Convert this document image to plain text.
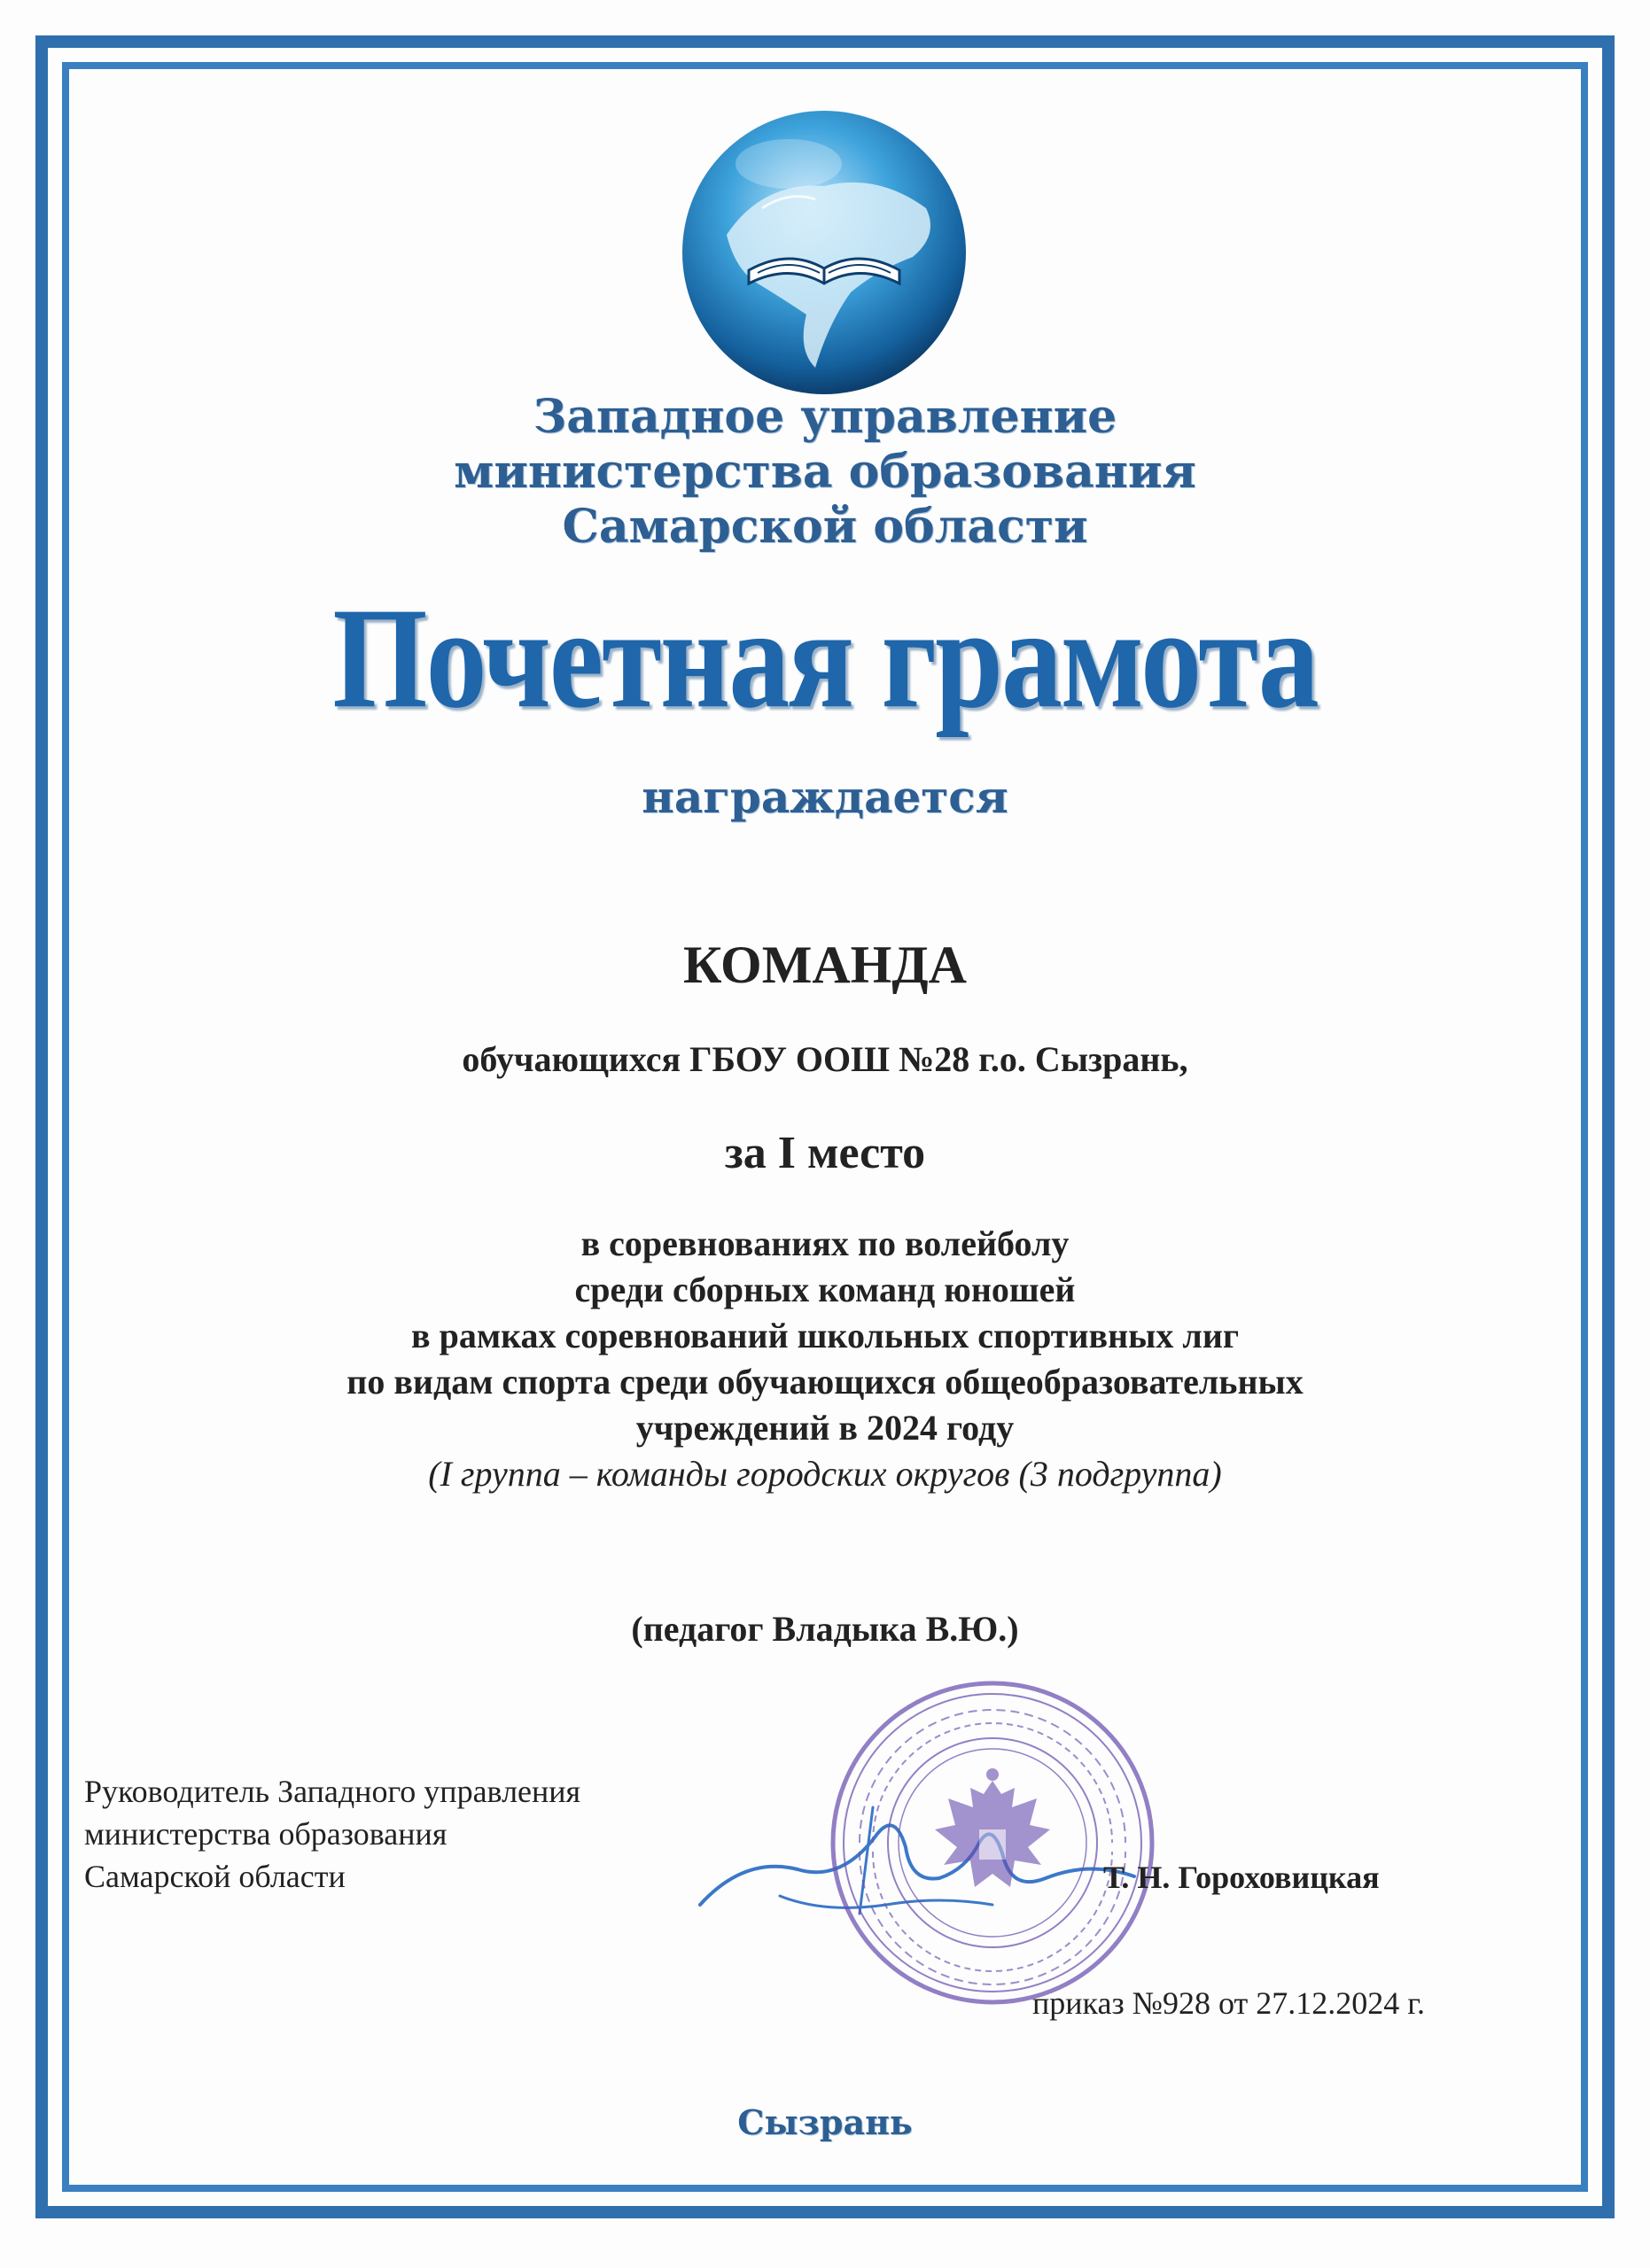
Западное управление
министерства образования
Самарской области
Почетная грамота
награждается
КОМАНДА
обучающихся ГБОУ ООШ №28 г.о. Сызрань,
за I место
в соревнованиях по волейболу
среди сборных команд юношей
в рамках соревнований школьных спортивных лиг
по видам спорта среди обучающихся общеобразовательных
учреждений в 2024 году
(I группа – команды городских округов (3 подгруппа)
(педагог Владыка В.Ю.)
Руководитель Западного управления
министерства образования
Самарской области	Т. Н. Гороховицкая
приказ №928 от 27.12.2024 г.
Сызрань
